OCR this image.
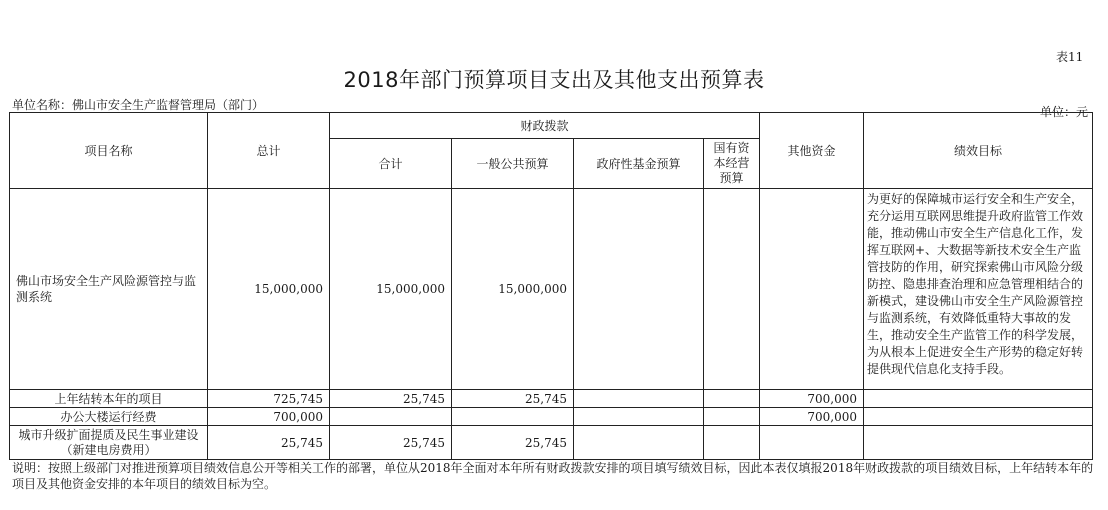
表11
2018年部门预算项目支出及其他支出预算表
单位名称：佛山市安全生产监督管理局（部门）	单位：元
项目名称	总计	财政拨款				其他资金	绩效目标
		合计	一般公共预算	政府性基金预算	国有资本经营预算		
佛山市场安全生产风险源管控与监测系统	15,000,000	15,000,000	15,000,000				为更好的保障城市运行安全和生产安全，充分运用互联网思维提升政府监管工作效能，推动佛山市安全生产信息化工作，发挥互联网+、大数据等新技术安全生产监管技防的作用，研究探索佛山市风险分级防控、隐患排查治理和应急管理相结合的新模式，建设佛山市安全生产风险源管控与监测系统，有效降低重特大事故的发生，推动安全生产监管工作的科学发展，为从根本上促进安全生产形势的稳定好转提供现代信息化支持手段。
上年结转本年的项目	725,745	25,745	25,745			700,000	
办公大楼运行经费	700,000					700,000	
城市升级扩面提质及民生事业建设（新建电房费用）	25,745	25,745	25,745				
说明：按照上级部门对推进预算项目绩效信息公开等相关工作的部署，单位从2018年全面对本年所有财政拨款安排的项目填写绩效目标，因此本表仅填报2018年财政拨款的项目绩效目标，上年结转本年的项目及其他资金安排的本年项目的绩效目标为空。
